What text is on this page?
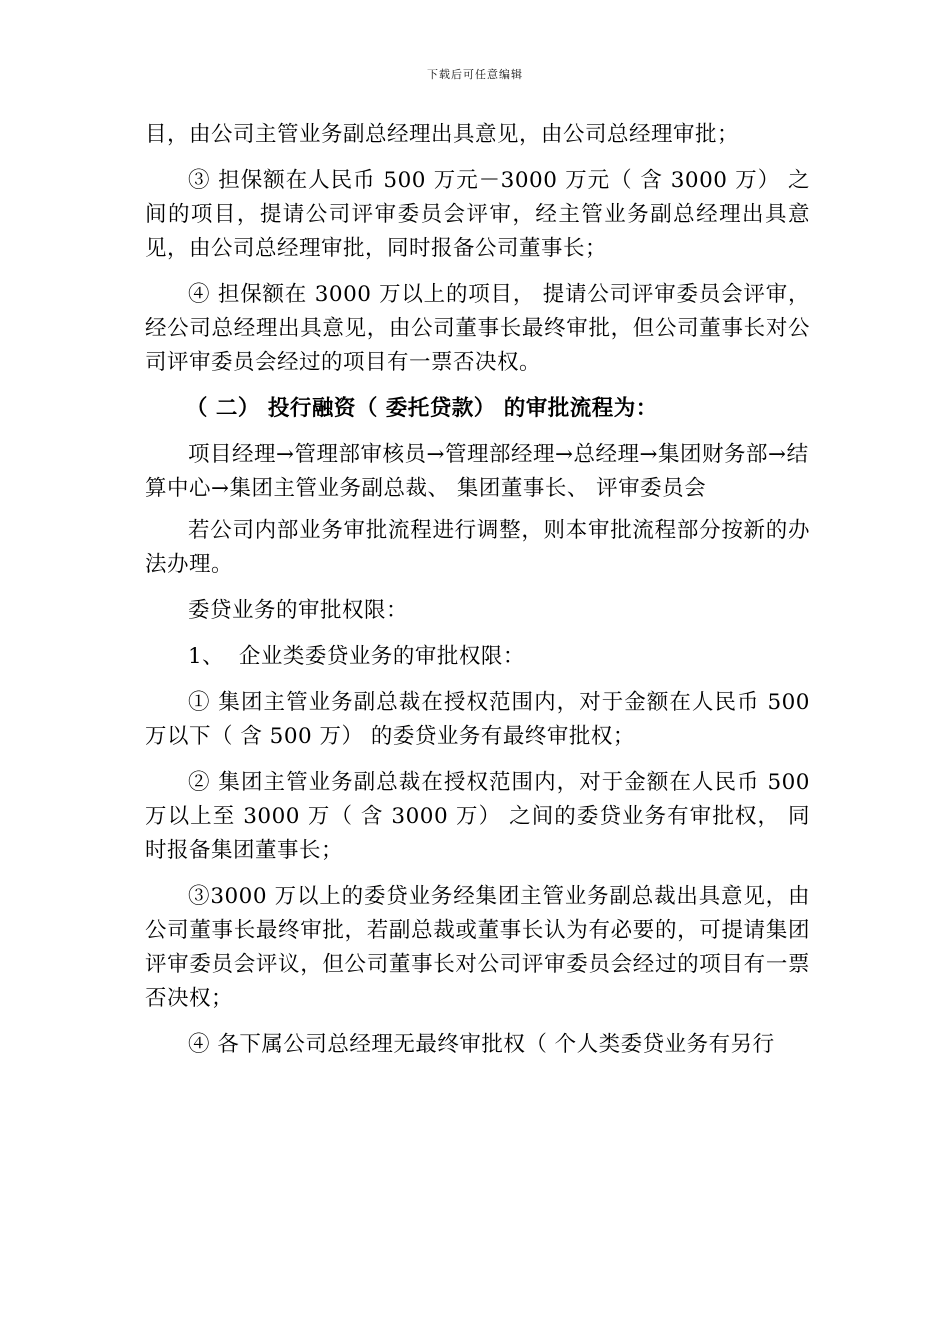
下载后可任意编辑

目，由公司主管业务副总经理出具意见，由公司总经理审批；

③ 担保额在人民币 500 万元－3000 万元（ 含 3000 万） 之间的项目，提请公司评审委员会评审，经主管业务副总经理出具意见，由公司总经理审批，同时报备公司董事长；

④ 担保额在 3000 万以上的项目， 提请公司评审委员会评审，经公司总经理出具意见，由公司董事长最终审批，但公司董事长对公司评审委员会经过的项目有一票否决权。

（ 二） 投行融资（ 委托贷款） 的审批流程为：

项目经理→管理部审核员→管理部经理→总经理→集团财务部→结算中心→集团主管业务副总裁、 集团董事长、 评审委员会

若公司内部业务审批流程进行调整，则本审批流程部分按新的办法办理。

委贷业务的审批权限：

1、  企业类委贷业务的审批权限：

① 集团主管业务副总裁在授权范围内，对于金额在人民币 500 万以下（ 含 500 万） 的委贷业务有最终审批权；

② 集团主管业务副总裁在授权范围内，对于金额在人民币 500 万以上至 3000 万（ 含 3000 万） 之间的委贷业务有审批权， 同时报备集团董事长；

③3000 万以上的委贷业务经集团主管业务副总裁出具意见，由公司董事长最终审批，若副总裁或董事长认为有必要的，可提请集团评审委员会评议，但公司董事长对公司评审委员会经过的项目有一票否决权；

④ 各下属公司总经理无最终审批权（ 个人类委贷业务有另行
